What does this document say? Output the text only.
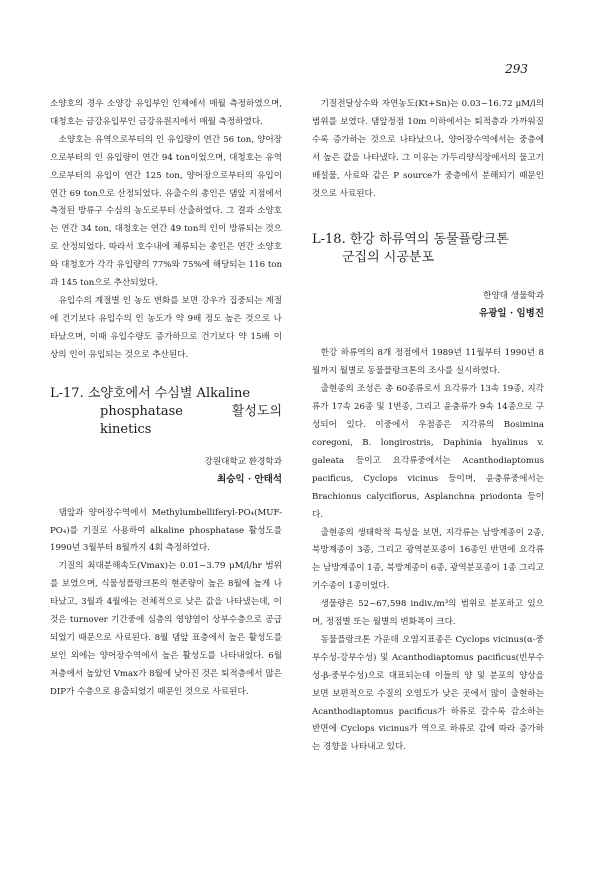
293

소양호의 경우 소양강 유입부인 인제에서 매월 측정하였으며, 대청호는 금강유입부인 금강유원지에서 매월 측정하였다.

소양호는 유역으로부터의 인 유입량이 연간 56 ton, 양어장으로부터의 인 유입량이 연간 94 ton이었으며, 대청호는 유역으로부터의 유입이 연간 125 ton, 양어장으로부터의 유입이 연간 69 ton으로 산정되었다. 유출수의 총인은 댐앞 지점에서 측정된 방류구 수심의 농도로부터 산출하였다. 그 결과 소양호는 연간 34 ton, 대청호는 연간 49 ton의 인이 방류되는 것으로 산정되었다. 따라서 호수내에 체류되는 총인은 연간 소양호와 대청호가 각각 유입량의 77%와 75%에 해당되는 116 ton과 145 ton으로 추산되었다.

유입수의 계절별 인 농도 변화를 보면 강우가 집중되는 계절에 건기보다 유입수의 인 농도가 약 9배 정도 높은 것으로 나타났으며, 이때 유입수량도 증가하므로 건기보다 약 15배 이상의 인이 유입되는 것으로 추산된다.

L-17. 소양호에서 수심별 Alkaline
phosphatase 활성도의 kinetics
강원대학교 환경학과
최승익 · 안태석

댐앞과 양어장수역에서 Methylumbelliferyl-PO₄(MUF-PO₄)를 기질로 사용하여 alkaline phosphatase 활성도를 1990년 3월부터 8월까지 4회 측정하였다.

기질의 최대분해속도(Vmax)는 0.01~3.79 μM/l/hr 범위를 보였으며, 식물성플랑크톤의 현존량이 높은 8월에 높게 나타났고, 3월과 4월에는 전체적으로 낮은 값을 나타냈는데, 이것은 turnover 기간중에 심층의 영양염이 상부수층으로 공급되었기 때문으로 사료된다. 8월 댐앞 표층에서 높은 활성도를 보인 외에는 양어장수역에서 높은 활성도를 나타내었다. 6월 저층에서 높았던 Vmax가 8월에 낮아진 것은 퇴적층에서 많은 DIP가 수층으로 용출되었기 때문인 것으로 사료된다.

기질전달상수와 자연농도(Kt+Sn)는 0.03~16.72 μM/l의 범위를 보였다. 댐앞정점 10m 이하에서는 퇴적층과 가까워질수록 증가하는 것으로 나타났으나, 양어장수역에서는 중층에서 높은 값을 나타냈다. 그 이유는 가두리양식장에서의 물고기배설물, 사료와 같은 P source가 중층에서 분해되기 때문인 것으로 사료된다.

L-18. 한강 하류역의 동물플랑크톤
군집의 시공분포
한양대 생물학과
유광일 · 임병진

한강 하류역의 8개 정점에서 1989년 11월부터 1990년 8월까지 월별로 동물플랑크톤의 조사를 실시하였다.

출현종의 조성은 총 60종류로서 요각류가 13속 19종, 지각류가 17속 26종 및 1변종, 그리고 윤충류가 9속 14종으로 구성되어 있다. 이중에서 우점종은 지각류의 Bosimina coregoni, B. longirostris, Daphinia hyalinus v. galeata 등이고 요각류중에서는 Acanthodiaptomus pacificus, Cyclops vicinus 등이며, 윤충류중에서는 Brachionus calyciflorus, Asplanchna priodonta 등이다.

출현종의 생태학적 특성을 보면, 지각류는 남방계종이 2종, 북방계종이 3종, 그리고 광역분포종이 16종인 반면에 요각류는 남방계종이 1종, 북방계종이 6종, 광역분포종이 1종 그리고 기수종이 1종이었다.

생물량은 52~67,598 indiv./m³의 범위로 분포하고 있으며, 정점별 또는 월별의 변화폭이 크다.

동물플랑크톤 가운데 오염지표종은 Cyclops vicinus(α-중부수성-강부수성) 및 Acanthodiaptomus pacificus(빈부수성-β-중부수성)으로 대표되는데 이들의 양 및 분포의 양상을 보면 보편적으로 수질의 오염도가 낮은 곳에서 많이 출현하는 Acanthodiaptomus pacificus가 하류로 갈수록 감소하는 반면에 Cyclops vicinus가 역으로 하류로 감에 따라 증가하는 경향을 나타내고 있다.
